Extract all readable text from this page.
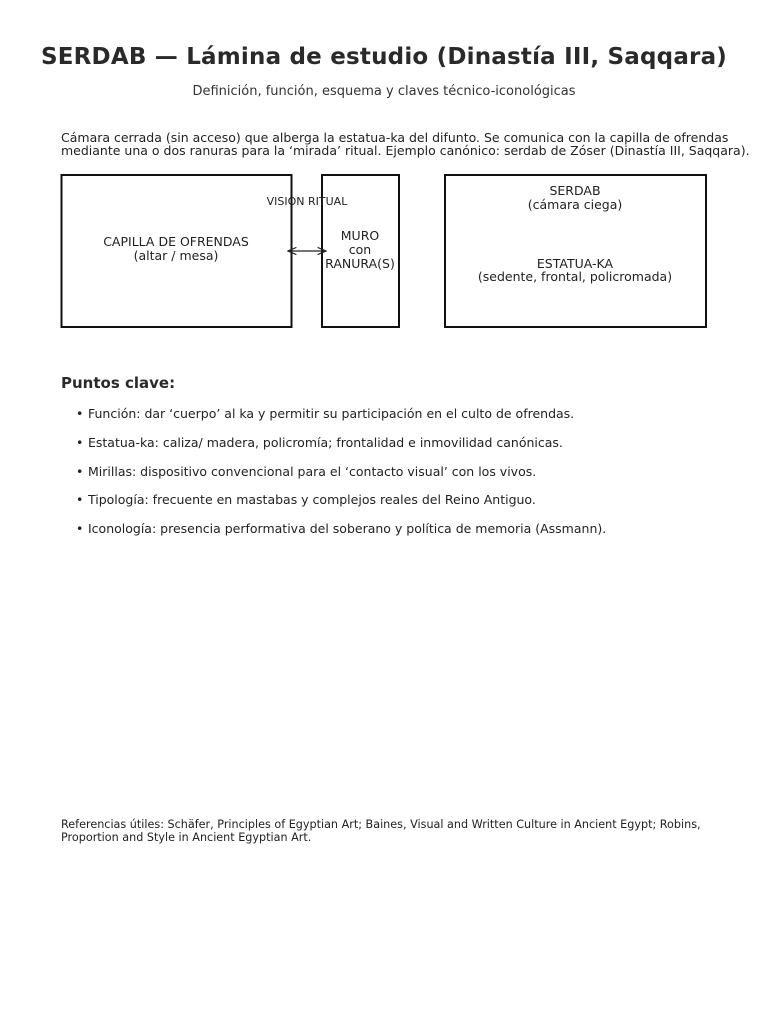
SERDAB — Lámina de estudio (Dinastía III, Saqqara)
Definición, función, esquema y claves técnico-iconológicas
Cámara cerrada (sin acceso) que alberga la estatua-ka del difunto. Se comunica con la capilla de ofrendas mediante una o dos ranuras para la ‘mirada’ ritual. Ejemplo canónico: serdab de Zóser (Dinastía III, Saqqara).
CAPILLA DE OFRENDAS
(altar / mesa)
MURO
con
RANURA(S)
SERDAB
(cámara ciega)
ESTATUA-KA
(sedente, frontal, policromada)
VISION RITUAL
Puntos clave:
• Función: dar ‘cuerpo’ al ka y permitir su participación en el culto de ofrendas.
• Estatua-ka: caliza/ madera, policromía; frontalidad e inmovilidad canónicas.
• Mirillas: dispositivo convencional para el ‘contacto visual’ con los vivos.
• Tipología: frecuente en mastabas y complejos reales del Reino Antiguo.
• Iconología: presencia performativa del soberano y política de memoria (Assmann).
Referencias útiles: Schäfer, Principles of Egyptian Art; Baines, Visual and Written Culture in Ancient Egypt; Robins, Proportion and Style in Ancient Egyptian Art.
